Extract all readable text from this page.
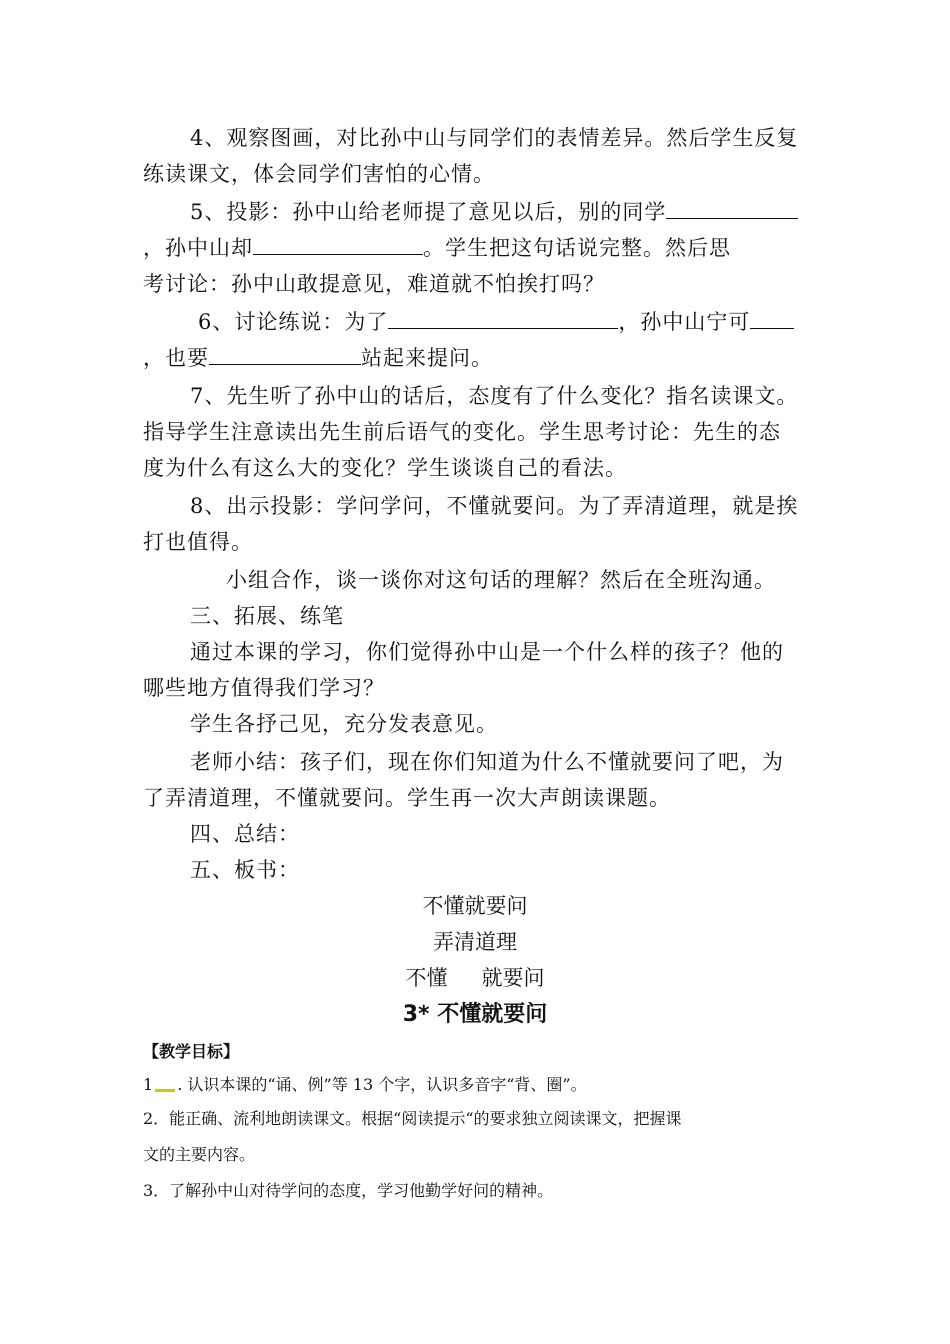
4、观察图画，对比孙中山与同学们的表情差异。然后学生反复
练读课文，体会同学们害怕的心情。
5、投影：孙中山给老师提了意见以后，别的同学
，孙中山却	。学生把这句话说完整。然后思
考讨论：孙中山敢提意见，难道就不怕挨打吗？
6、讨论练说：为了	，孙中山宁可
，也要	站起来提问。
7、先生听了孙中山的话后，态度有了什么变化？指名读课文。
指导学生注意读出先生前后语气的变化。学生思考讨论：先生的态
度为什么有这么大的变化？学生谈谈自己的看法。
8、出示投影：学问学问，不懂就要问。为了弄清道理，就是挨
打也值得。
小组合作，谈一谈你对这句话的理解？然后在全班沟通。
三、拓展、练笔
通过本课的学习，你们觉得孙中山是一个什么样的孩子？他的
哪些地方值得我们学习？
学生各抒己见，充分发表意见。
老师小结：孩子们，现在你们知道为什么不懂就要问了吧，为
了弄清道理，不懂就要问。学生再一次大声朗读课题。
四、总结：
五、板书：
不懂就要问
弄清道理
不懂 就要问
3* 不懂就要问
【教学目标】
1 . 认识本课的“诵、例”等 13 个字，认识多音字“背、圈”。
2．能正确、流利地朗读课文。根据“阅读提示“的要求独立阅读课文，把握课
文的主要内容。
3．了解孙中山对待学问的态度，学习他勤学好问的精神。
